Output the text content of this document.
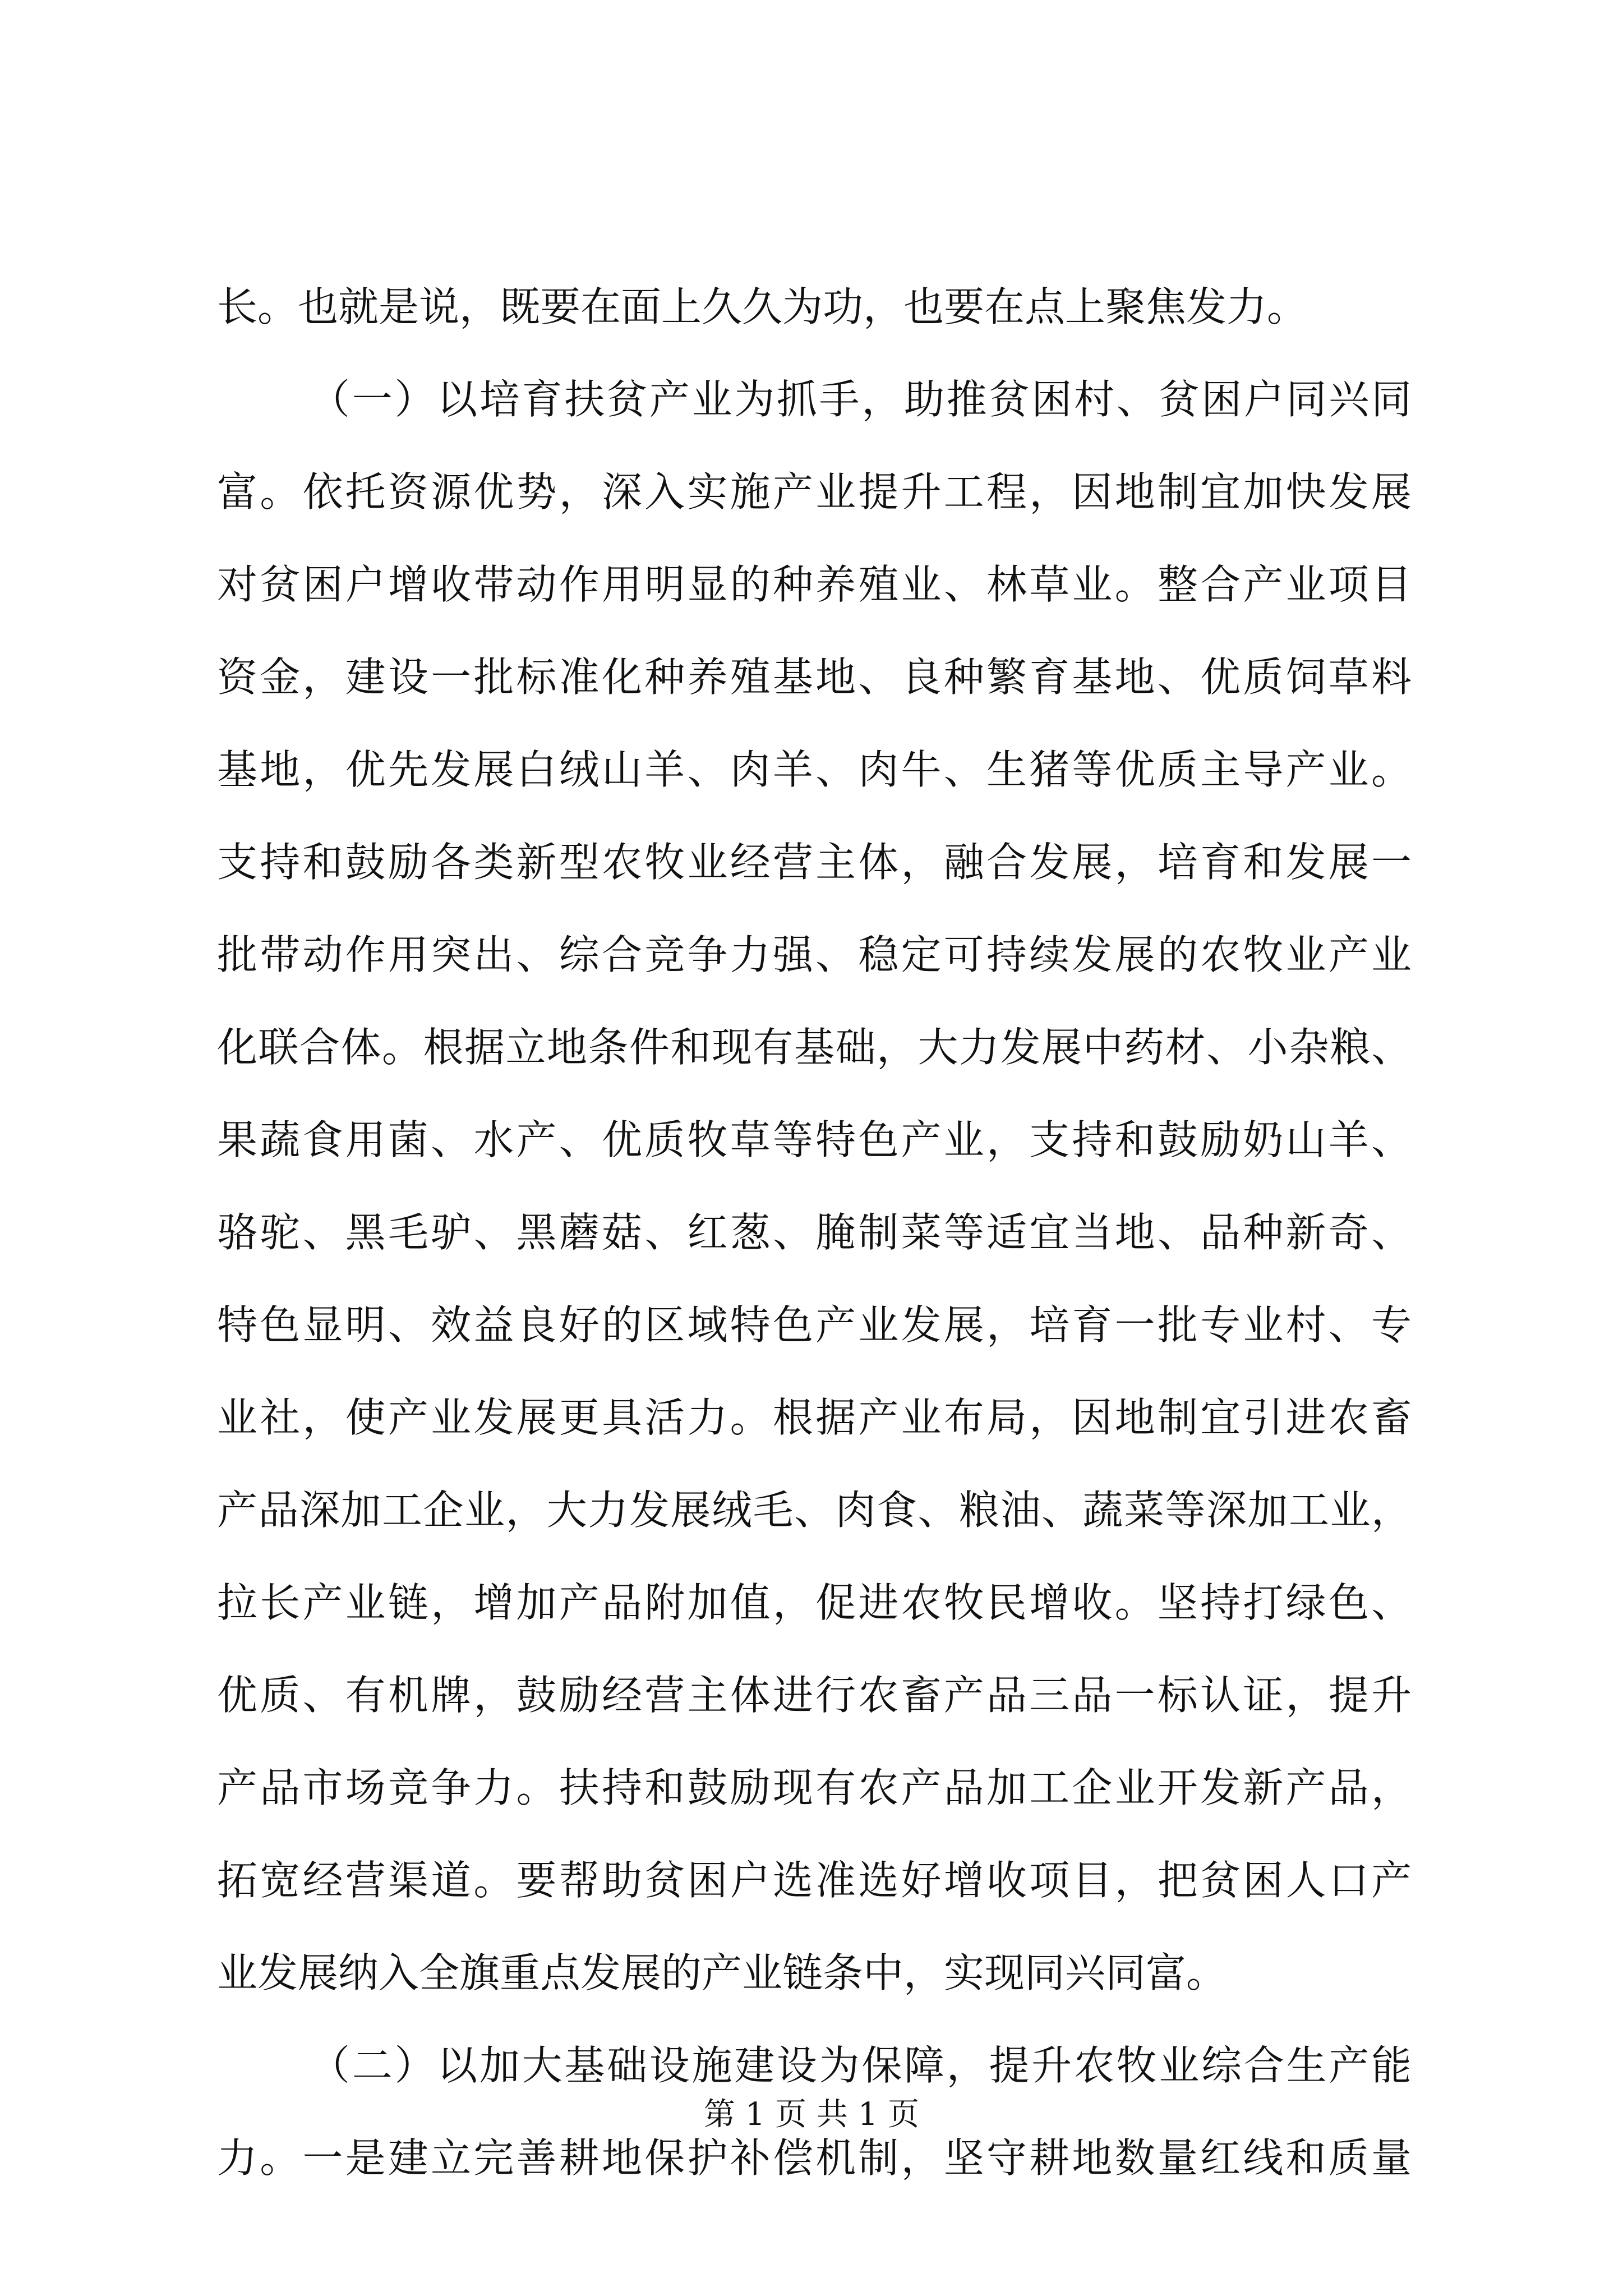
长。也就是说，既要在面上久久为功，也要在点上聚焦发力。
（一）以培育扶贫产业为抓手，助推贫困村、贫困户同兴同
富。依托资源优势，深入实施产业提升工程，因地制宜加快发展
对贫困户增收带动作用明显的种养殖业、林草业。整合产业项目
资金，建设一批标准化种养殖基地、良种繁育基地、优质饲草料
基地，优先发展白绒山羊、肉羊、肉牛、生猪等优质主导产业。
支持和鼓励各类新型农牧业经营主体，融合发展，培育和发展一
批带动作用突出、综合竞争力强、稳定可持续发展的农牧业产业
化联合体。根据立地条件和现有基础，大力发展中药材、小杂粮、
果蔬食用菌、水产、优质牧草等特色产业，支持和鼓励奶山羊、
骆驼、黑毛驴、黑蘑菇、红葱、腌制菜等适宜当地、品种新奇、
特色显明、效益良好的区域特色产业发展，培育一批专业村、专
业社，使产业发展更具活力。根据产业布局，因地制宜引进农畜
产品深加工企业，大力发展绒毛、肉食、粮油、蔬菜等深加工业，
拉长产业链，增加产品附加值，促进农牧民增收。坚持打绿色、
优质、有机牌，鼓励经营主体进行农畜产品三品一标认证，提升
产品市场竞争力。扶持和鼓励现有农产品加工企业开发新产品，
拓宽经营渠道。要帮助贫困户选准选好增收项目，把贫困人口产
业发展纳入全旗重点发展的产业链条中，实现同兴同富。
（二）以加大基础设施建设为保障，提升农牧业综合生产能
力。一是建立完善耕地保护补偿机制，坚守耕地数量红线和质量
第 1 页 共 1 页
